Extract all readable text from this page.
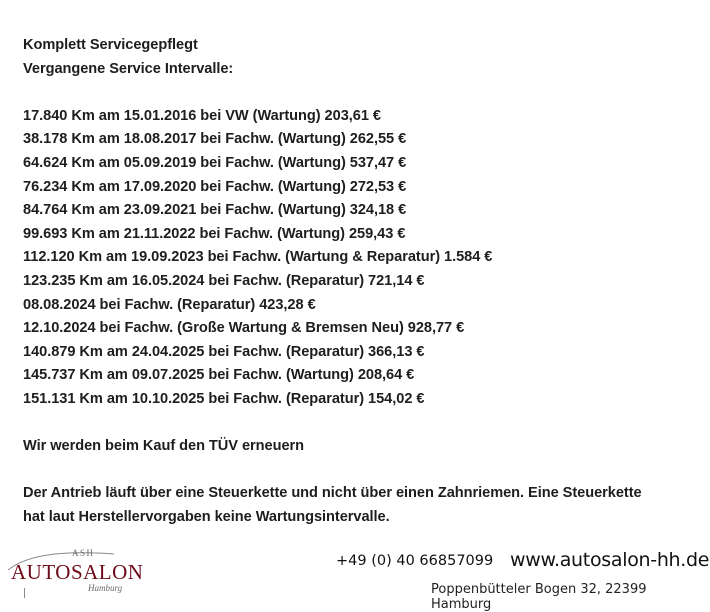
Komplett Servicegepflegt
Vergangene Service Intervalle:
17.840 Km am 15.01.2016 bei VW (Wartung) 203,61 €
38.178 Km am 18.08.2017 bei Fachw. (Wartung) 262,55 €
64.624 Km am 05.09.2019 bei Fachw. (Wartung) 537,47 €
76.234 Km am 17.09.2020 bei Fachw. (Wartung) 272,53 €
84.764 Km am 23.09.2021 bei Fachw. (Wartung) 324,18 €
99.693 Km am 21.11.2022 bei Fachw. (Wartung) 259,43 €
112.120 Km am 19.09.2023 bei Fachw. (Wartung & Reparatur) 1.584 €
123.235 Km am 16.05.2024 bei Fachw. (Reparatur) 721,14 €
08.08.2024 bei Fachw. (Reparatur) 423,28 €
12.10.2024 bei Fachw. (Große Wartung & Bremsen Neu) 928,77 €
140.879 Km am 24.04.2025 bei Fachw. (Reparatur) 366,13 €
145.737 Km am 09.07.2025 bei Fachw. (Wartung) 208,64 €
151.131 Km am 10.10.2025 bei Fachw. (Reparatur) 154,02 €
Wir werden beim Kauf den TÜV erneuern
Der Antrieb läuft über eine Steuerkette und nicht über einen Zahnriemen. Eine Steuerkette
hat laut Herstellervorgaben keine Wartungsintervalle.
ASH
AUTOSALON
Hamburg
+49 (0) 40 66857099 www.autosalon-hh.de
Poppenbütteler Bogen 32, 22399 Hamburg
